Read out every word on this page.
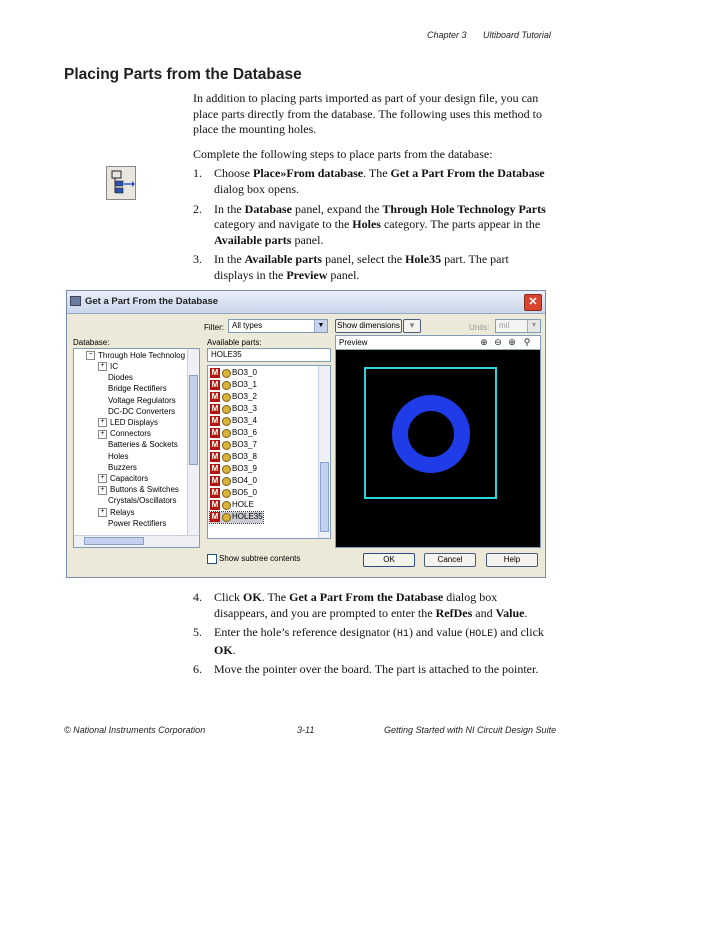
Chapter 3 Ultiboard Tutorial
Placing Parts from the Database

In addition to placing parts imported as part of your design file, you can place parts directly from the database. The following uses this method to place the mounting holes.

Complete the following steps to place parts from the database:

1. Choose Place»From database. The Get a Part From the Database dialog box opens.
2. In the Database panel, expand the Through Hole Technology Parts category and navigate to the Holes category. The parts appear in the Available parts panel.
3. In the Available parts panel, select the Hole35 part. The part displays in the Preview panel.
Get a Part From the Database	✕
Filter:	All types	▼	Show dimensions	▼	Units:	mil	▼
Database:	Available parts:
− Through Hole Technolog
+ IC
Diodes
Bridge Rectifiers
Voltage Regulators
DC-DC Converters
+ LED Displays
+ Connectors
Batteries & Sockets
Holes
Buzzers
+ Capacitors
+ Buttons & Switches
Crystals/Oscillators
+ Relays
Power Rectifiers
HOLE35
M BO3_0
M BO3_1
M BO3_2
M BO3_3
M BO3_4
M BO3_6
M BO3_7
M BO3_8
M BO3_9
M BO4_0
M BO5_0
M HOLE
M HOLE35
Preview	⊕ ⊖ ⊕ ⚲
Show subtree contents	OK	Cancel	Help
4. Click OK. The Get a Part From the Database dialog box disappears, and you are prompted to enter the RefDes and Value.
5. Enter the hole’s reference designator (H1) and value (HOLE) and click OK.
6. Move the pointer over the board. The part is attached to the pointer.
© National Instruments Corporation	3-11	Getting Started with NI Circuit Design Suite
